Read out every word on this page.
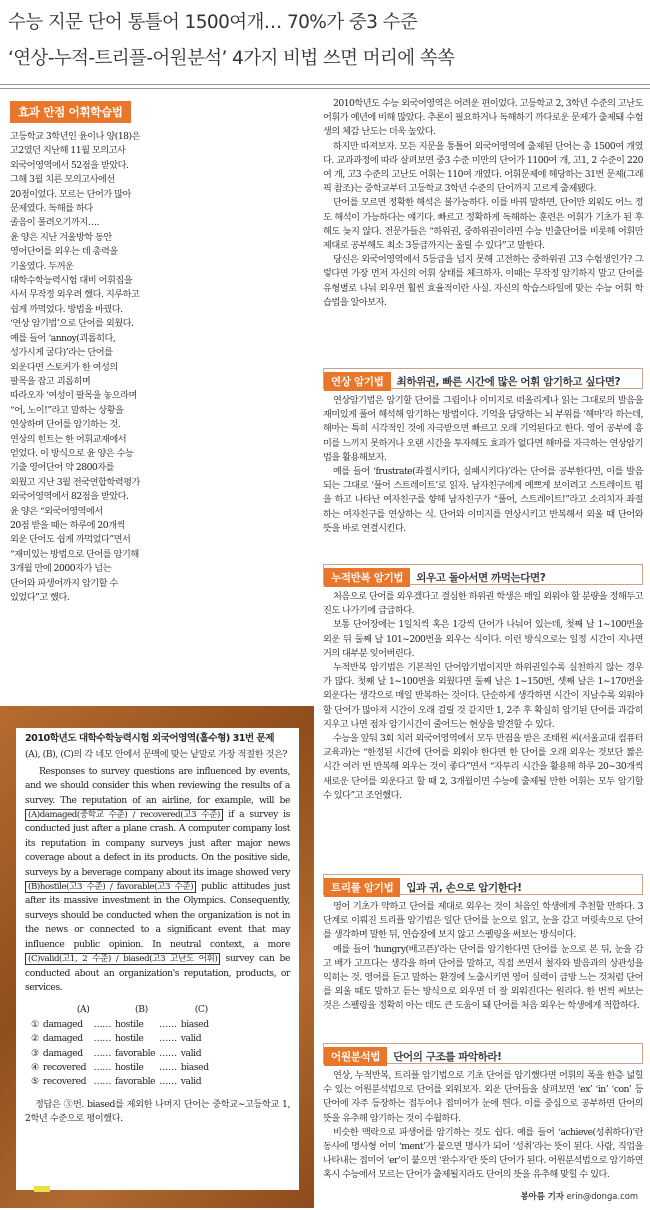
수능 지문 단어 통틀어 1500여개… 70%가 중3 수준
‘연상-누적-트리플-어원분석’ 4가지 비법 쓰면 머리에 쏙쏙
효과 만점 어휘학습법

고등학교 3학년인 윤이나 양(18)은

고2였던 지난해 11월 모의고사

외국어영역에서 52점을 받았다.

그해 3월 치른 모의고사에선

20점이었다. 모르는 단어가 많아

문제였다. 독해를 하다

졸음이 몰려오기까지….

윤 양은 지난 겨울방학 동안

영어단어를 외우는 데 총력을

기울였다. 두꺼운

대학수학능력시험 대비 어휘집을

사서 무작정 외우려 했다. 지루하고

쉽게 까먹었다. 방법을 바꿨다.

‘연상 암기법’으로 단어를 외웠다.

예를 들어 ‘annoy(괴롭히다,

성가시게 굴다)’라는 단어를

외운다면 스토커가 한 여성의

팔목을 잡고 괴롭히며

따라오자 ‘여성이 팔목을 놓으라며

“어, 노이!”라고 말하는 상황을

연상하며 단어를 암기하는 것.

연상의 힌트는 한 어휘교재에서

얻었다. 이 방식으로 윤 양은 수능

기출 영어단어 약 2800자를

외웠고 지난 3월 전국연합학력평가

외국어영역에서 82점을 받았다.

윤 양은 “외국어영역에서

20점 받을 때는 하루에 20개씩

외운 단어도 쉽게 까먹었다”면서

“재미있는 방법으로 단어를 암기해

3개월 만에 2000자가 넘는

단어와 파생어까지 암기할 수

있었다”고 했다.

2010학년도 수능 외국어영역은 어려운 편이었다. 고등학교 2, 3학년 수준의 고난도 어휘가 예년에 비해 많았다. 추론이 필요하거나 독해하기 까다로운 문제가 출제돼 수험생의 체감 난도는 더욱 높았다.

하지만 따져보자. 모든 지문을 통틀어 외국어영역에 출제된 단어는 총 1500여 개였다. 교과과정에 따라 살펴보면 중3 수준 미만의 단어가 1100여 개, 고1, 2 수준이 220여 개, 고3 수준의 고난도 어휘는 110여 개였다. 어휘문제에 해당하는 31번 문제(그래픽 참조)는 중학교부터 고등학교 3학년 수준의 단어까지 고르게 출제됐다.

단어를 모르면 정확한 해석은 불가능하다. 이를 바꿔 말하면, 단어만 외워도 어느 정도 해석이 가능하다는 얘기다. 빠르고 정확하게 독해하는 훈련은 어휘가 기초가 된 후 해도 늦지 않다. 전문가들은 “하위권, 중하위권이라면 수능 빈출단어를 비롯해 어휘만 제대로 공부해도 최소 3등급까지는 올릴 수 있다”고 말한다.

당신은 외국어영역에서 5등급을 넘지 못해 고전하는 중하위권 고3 수험생인가? 그렇다면 가장 먼저 자신의 어휘 상태를 체크하자. 이때는 무작정 암기하지 말고 단어를 유형별로 나눠 외우면 훨씬 효율적이란 사실. 자신의 학습스타일에 맞는 수능 어휘 학습법을 알아보자.

연상 암기법 최하위권, 빠른 시간에 많은 어휘 암기하고 싶다면?

연상암기법은 암기할 단어를 그림이나 이미지로 떠올리게나 읽는 그대로의 발음을 재미있게 풀어 해석해 암기하는 방법이다. 기억을 담당하는 뇌 부위를 ‘해마’라 하는데, 해마는 특히 시각적인 것에 자극받으면 빠르고 오래 기억된다고 한다. 영어 공부에 흥미를 느끼지 못하거나 오랜 시간을 투자해도 효과가 없다면 해마를 자극하는 연상암기법을 활용해보자.

예를 들어 ‘frustrate(좌절시키다, 실패시키다)’라는 단어를 공부한다면, 이를 발음되는 그대로 ‘풀어 스트레이트’로 읽자. 남자친구에게 예쁘게 보이려고 스트레이트 펌을 하고 나타난 여자친구를 향해 남자친구가 “풀어, 스트레이트!”라고 소리치자 좌절하는 여자친구를 연상하는 식. 단어와 이미지를 연상시키고 반복해서 외울 때 단어와 뜻을 바로 연결시킨다.

누적반복 암기법 외우고 돌아서면 까먹는다면?

처음으로 단어를 외우겠다고 결심한 하위권 학생은 매일 외워야 할 분량을 정해두고 진도 나가기에 급급하다.

보통 단어장에는 1일치씩 혹은 1강씩 단어가 나눠어 있는데, 첫째 날 1∼100번을 외운 뒤 둘째 날 101∼200번을 외우는 식이다. 이런 방식으로는 일정 시간이 지나면 거의 대부분 잊어버린다.

누적반복 암기법은 기본적인 단어암기법이지만 하위권일수록 실천하지 않는 경우가 많다. 첫째 날 1∼100번을 외웠다면 둘째 날은 1∼150번, 셋째 날은 1∼170번을 외운다는 생각으로 매일 반복하는 것이다. 단순하게 생각하면 시간이 지날수록 외워야 할 단어가 많아져 시간이 오래 걸릴 것 같지만 1, 2주 후 확실히 암기된 단어를 과감히 지우고 나면 점차 암기시간이 줄어드는 현상을 발견할 수 있다.

수능을 앞둬 3회 치러 외국어영역에서 모두 만점을 받은 조태원 씨(서울교대 컴퓨터교육과)는 “한정된 시간에 단어를 외워야 한다면 한 단어를 오래 외우는 것보단 짧은 시간 여러 번 반복해 외우는 것이 좋다”면서 “자투리 시간을 활용해 하루 20∼30개씩 새로운 단어를 외운다고 할 때 2, 3개월이면 수능에 출제될 만한 어휘는 모두 암기할 수 있다”고 조언했다.

트리플 암기법 입과 귀, 손으로 암기한다!

영어 기초가 약하고 단어를 제대로 외우는 것이 처음인 학생에게 추천할 만하다. 3단계로 이뤄진 트리플 암기법은 일단 단어를 눈으로 읽고, 눈을 감고 머릿속으로 단어를 생각하며 말한 뒤, 연습장에 보지 않고 스펠링을 써보는 방식이다.

예를 들어 ‘hungry(배고픈)’라는 단어를 암기한다면 단어를 눈으로 본 뒤, 눈을 감고 배가 고프다는 생각을 하며 단어를 말하고, 직접 쓰면서 철자와 발음과의 상관성을 익히는 것. 영어를 듣고 말하는 환경에 노출시키면 영어 실력이 급방 느는 것처럼 단어를 외울 때도 말하고 듣는 방식으로 외우면 더 잘 외워진다는 원리다. 한 번씩 써보는 것은 스펠링을 정확히 아는 데도 큰 도움이 돼 단어를 처음 외우는 학생에게 적합하다.

어원분석법 단어의 구조를 파악하라!

연상, 누적반복, 트리플 암기법으로 기초 단어를 암기했다면 어휘의 폭을 한층 넓힐 수 있는 어원분석법으로 단어를 외워보자. 외운 단어들을 살펴보면 ‘ex’ ‘in’ ‘con’ 등 단어에 자주 등장하는 접두어나 접미어가 눈에 띈다. 이를 중심으로 공부하면 단어의 뜻을 유추해 암기하는 것이 수월하다.

비슷한 맥락으로 파생어를 암기하는 것도 쉽다. 예를 들어 ‘achieve(성취하다)’란 동사에 명사형 어미 ‘ment’가 붙으면 명사가 되어 ‘성취’라는 뜻이 된다. 사람, 직업을 나타내는 접미어 ‘er’이 붙으면 ‘완수자’란 뜻의 단어가 된다. 어원분석법으로 암기하면 혹시 수능에서 모르는 단어가 출제될지라도 단어의 뜻을 유추해 맞힐 수 있다.

2010학년도 대학수학능력시험 외국어영역(홀수형) 31번 문제

(A), (B), (C)의 각 네모 안에서 문맥에 맞는 낱말로 가장 적절한 것은?

Responses to survey questions are influenced by events, and we should consider this when reviewing the results of a survey. The reputation of an airline, for example, will be (A)damaged(중학교 수준) / recovered(고3 수준) if a survey is conducted just after a plane crash. A computer company lost its reputation in company surveys just after major news coverage about a defect in its products. On the positive side, surveys by a beverage company about its image showed very (B)hostile(고3 수준) / favorable(고3 수준) public attitudes just after its massive investment in the Olympics. Consequently, surveys should be conducted when the organization is not in the news or connected to a significant event that may influence public opinion. In neutral context, a more (C)valid(고1, 2 수준) / biased(고3 고난도 어휘) survey can be conducted about an organization's reputation, products, or services.

	(A)		(B)		(C)
①	damaged	……	hostile	……	biased
②	damaged	……	hostile	……	valid
③	damaged	……	favorable	……	valid
④	recovered	……	hostile	……	biased
⑤	recovered	……	favorable	……	valid

정답은 ③번. biased를 제외한 나머지 단어는 중학교∼고등학교 1, 2학년 수준으로 평이했다.

봉아름 기자 erin@donga.com
